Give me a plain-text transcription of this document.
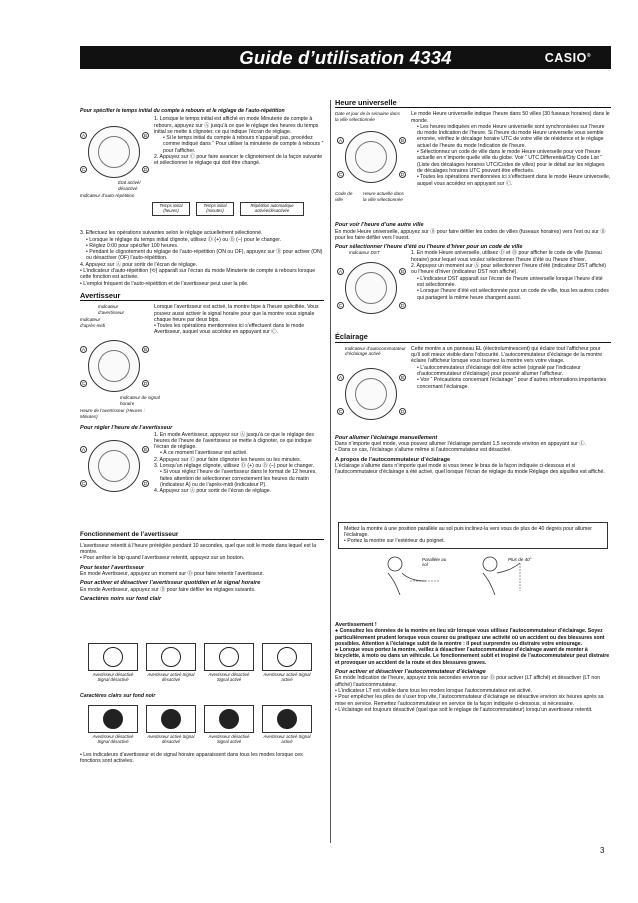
Guide d’utilisation 4334	CASIO®

Pour spécifier le temps initial du compte à rebours et le réglage de l’auto-répétition

1. Lorsque le temps initial est affiché en mode Minuterie de compte à rebours, appuyez sur Ⓐ jusqu’à ce que le réglage des heures du temps initial se mette à clignoter, ce qui indique l’écran de réglage.

• Si le temps initial du compte à rebours n’apparaît pas, procédez comme indiqué dans “ Pour utiliser la minuterie de compte à rebours ” pour l’afficher.

2. Appuyez sur Ⓒ pour faire avancer le clignotement de la façon suivante et sélectionner le réglage qui doit être changé.

A	B
C	D
État activé/ désactivé
Indicateur d’auto-répétition
Temps initial (heures)
Temps initial (minutes)
Répétition automatique activée/désactivée

3. Effectuez les opérations suivantes selon le réglage actuellement sélectionné.

• Lorsque le réglage du temps initial clignote, utilisez Ⓓ (+) ou Ⓑ (–) pour le changer.

• Réglez 0:00 pour spécifier 100 heures.

• Pendant le clignotement du réglage de l’auto-répétition (ON ou OF), appuyez sur Ⓓ pour activer (ON) ou désactiver (OF) l’auto-répétition.

4. Appuyez sur Ⓐ pour sortir de l’écran de réglage.

• L’indicateur d’auto-répétition (⟲) apparaît sur l’écran du mode Minuterie de compte à rebours lorsque cette fonction est activée.

• L’emploi fréquent de l’auto-répétition et de l’avertisseur peut user la pile.

Avertisseur

Lorsque l’avertisseur est activé, la montre bipe à l’heure spécifiée. Vous pouvez aussi activer le signal horaire pour que la montre vous signale chaque heure par deux bips.

• Toutes les opérations mentionnées ici s’effectuent dans le mode Avertisseur, auquel vous accédez en appuyant sur Ⓒ.

Indicateur d’avertisseur
Indicateur d’après-midi
A	B
C	D
Indicateur de signal horaire
Heure de l’avertisseur (Heures : Minutes)

Pour régler l’heure de l’avertisseur

A	B
C	D

1. En mode Avertisseur, appuyez sur Ⓐ jusqu’à ce que le réglage des heures de l’heure de l’avertisseur se mette à clignoter, ce qui indique l’écran de réglage.

• À ce moment l’avertisseur est activé.

2. Appuyez sur Ⓒ pour faire clignoter les heures ou les minutes.

3. Lorsqu’un réglage clignote, utilisez Ⓓ (+) ou Ⓑ (–) pour le changer.

• Si vous réglez l’heure de l’avertisseur dans le format de 12 heures, faites attention de sélectionner correctement les heures du matin (indicateur A) ou de l’après-midi (indicateur P).

4. Appuyez sur Ⓐ pour sortir de l’écran de réglage.

Fonctionnement de l’avertisseur

L’avertisseur retentit à l’heure préréglée pendant 10 secondes, quel que soit le mode dans lequel est la montre.

• Pour arrêter le bip quand l’avertisseur retentit, appuyez sur un bouton.

Pour tester l’avertisseur

En mode Avertisseur, appuyez un moment sur Ⓓ pour faire retentir l’avertisseur.

Pour activer et désactiver l’avertisseur quotidien et le signal horaire

En mode Avertisseur, appuyez sur Ⓓ pour faire défiler les réglages suivants.

Caractères noirs sur fond clair

Avertisseur désactivé Signal désactivé
Avertisseur activé Signal désactivé
Avertisseur désactivé Signal activé
Avertisseur activé Signal activé

Caractères clairs sur fond noir

Avertisseur désactivé Signal désactivé
Avertisseur activé Signal désactivé
Avertisseur désactivé Signal activé
Avertisseur activé Signal activé

• Les indicateurs d’avertisseur et de signal horaire apparaissent dans tous les modes lorsque ces fonctions sont activées.

Heure universelle
Date et jour de la semaine dans la ville sélectionnée
A	B
C	D
Code de ville
Heure actuelle dans la ville sélectionnée

Le mode Heure universelle indique l’heure dans 50 villes (30 fuseaux horaires) dans le monde.

• Les heures indiquées en mode Heure universelle sont synchronisées sur l’heure du mode Indication de l’heure. Si l’heure du mode Heure universelle vous semble erronée, vérifiez le décalage horaire UTC de votre ville de résidence et le réglage actuel de l’heure du mode Indication de l’heure.

• Sélectionnez un code de ville dans le mode Heure universelle pour voir l’heure actuelle en n’importe quelle ville du globe. Voir “ UTC Differential/City Code List ” (Liste des décalages horaires UTC/Codes de villes) pour le détail sur les réglages de décalages horaires UTC pouvant être effectués.

• Toutes les opérations mentionnées ici s’effectuent dans le mode Heure universelle, auquel vous accédez en appuyant sur Ⓒ.

Pour voir l’heure d’une autre ville

En mode Heure universelle, appuyez sur Ⓓ pour faire défiler les codes de villes (fuseaux horaires) vers l’est ou sur Ⓑ pour les faire défiler vers l’ouest.

Pour sélectionner l’heure d’été ou l’heure d’hiver pour un code de ville

Indicateur DST
A	B
C	D

1. En mode Heure universelle, utilisez Ⓓ et Ⓑ pour afficher le code de ville (fuseau horaire) pour lequel vous voulez sélectionner l’heure d’été ou l’heure d’hiver.

2. Appuyez un moment sur Ⓐ pour sélectionner l’heure d’été (indicateur DST affiché) ou l’heure d’hiver (indicateur DST non affiché).

• L’indicateur DST apparaît sur l’écran de l’heure universelle lorsque l’heure d’été est sélectionnée.

• Lorsque l’heure d’été est sélectionnée pour un code de ville, tous les autres codes qui partagent la même heure changent aussi.

Éclairage
Indicateur d’autocommutateur d’éclairage activé
A	B
C	D

Cette montre a un panneau EL (électroluminescent) qui éclaire tout l’afficheur pour qu’il soit mieux visible dans l’obscurité. L’autocommutateur d’éclairage de la montre éclaire l’afficheur lorsque vous tournez la montre vers votre visage.

• L’autocommutateur d’éclairage doit être activé (signalé par l’indicateur d’autocommutateur d’éclairage) pour pouvoir allumer l’afficheur.

• Voir “ Précautions concernant l’éclairage ” pour d’autres informations importantes concernant l’éclairage.

Pour allumer l’éclairage manuellement

Dans n’importe quel mode, vous pouvez allumer l’éclairage pendant 1,5 seconde environ en appuyant sur Ⓛ.

• Dans ce cas, l’éclairage s’allume même si l’autocommutateur est désactivé.

A propos de l’autocommutateur d’éclairage

L’éclairage s’allume dans n’importe quel mode si vous tenez le bras de la façon indiquée ci-dessous et si l’autocommutateur d’éclairage a été activé, quel lorsque l’écran de réglage du mode Réglage des aiguilles est affiché.

Mettez la montre à une position parallèle au sol puis inclinez-la vers vous de plus de 40 degrés pour allumer l’éclairage.

• Portez la montre sur l’extérieur du poignet.

Parallèle au sol
Plus de 40°

Avertissement !

● Consultez les données de la montre en lieu sûr lorsque vous utilisez l’autocommutateur d’éclairage. Soyez particulièrement prudent lorsque vous courez ou pratiquez une activité où un accident ou des blessures sont possibles. Attention à l’éclairage subit de la montre : il peut surprendre ou distraire votre entourage.

● Lorsque vous portez la montre, veillez à désactiver l’autocommutateur d’éclairage avant de monter à bicyclette, à moto ou dans un véhicule. Le fonctionnement subit et inopiné de l’autocommutateur peut distraire et provoquer un accident de la route et des blessures graves.

Pour activer et désactiver l’autocommutateur d’éclairage

En mode Indication de l’heure, appuyez trois secondes environ sur Ⓑ pour activer (LT affiché) et désactiver (LT non affiché) l’autocommutateur.

• L’indicateur LT est visible dans tous les modes lorsque l’autocommutateur est activé.

• Pour empêcher les piles de s’user trop vite, l’autocommutateur d’éclairage se désactive environ six heures après sa mise en service. Remettez l’autocommutateur en service de la façon indiquée ci-dessous, si nécessaire.

• L’éclairage est toujours désactivé (quel que soit le réglage de l’autocommutateur) lorsqu’un avertisseur retentit.

3
